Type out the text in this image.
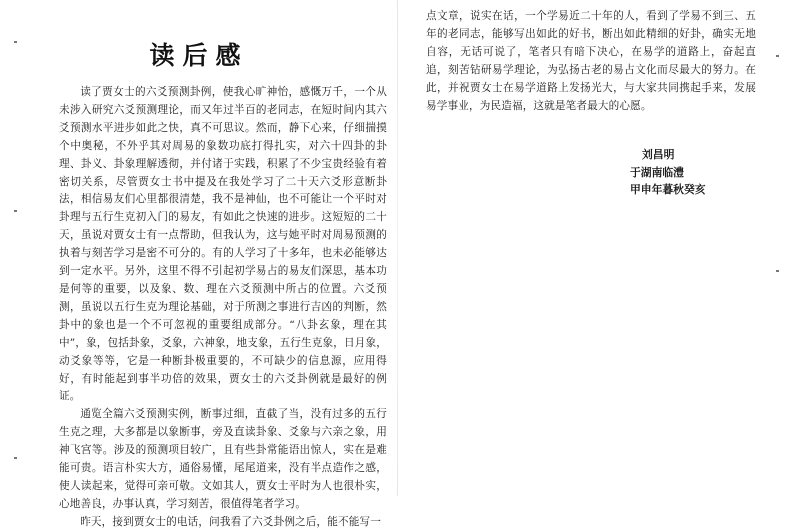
读后感

读了贾女士的六爻预测卦例，使我心旷神怡，感慨万千，一个从未涉入研究六爻预测理论，而又年过半百的老同志，在短时间内其六爻预测水平进步如此之快，真不可思议。然而，静下心来，仔细揣摸个中奥秘，不外乎其对周易的象数功底打得扎实，对六十四卦的卦理、卦义、卦象理解透彻，并付诸于实践，积累了不少宝贵经验有着密切关系，尽管贾女士书中提及在我处学习了二十天六爻形意断卦法，相信易友们心里都很清楚，我不是神仙，也不可能让一个平时对卦理与五行生克初入门的易友，有如此之快速的进步。这短短的二十天，虽说对贾女士有一点帮助，但我认为，这与她平时对周易预测的执着与刻苦学习是密不可分的。有的人学习了十多年，也未必能够达到一定水平。另外，这里不得不引起初学易占的易友们深思，基本功是何等的重要，以及象、数、理在六爻预测中所占的位置。六爻预测，虽说以五行生克为理论基础，对于所测之事进行吉凶的判断，然卦中的象也是一个不可忽视的重要组成部分。“八卦玄象，理在其中”，象，包括卦象，爻象，六神象，地支象，五行生克象，日月象，动爻象等等，它是一种断卦极重要的，不可缺少的信息源，应用得好，有时能起到事半功倍的效果，贾女士的六爻卦例就是最好的例证。

通览全篇六爻预测实例，断事过细，直截了当，没有过多的五行生克之理，大多都是以象断事，旁及直读卦象、爻象与六亲之象，用神飞宫等。涉及的预测项目较广，且有些卦常能语出惊人，实在是难能可贵。语言朴实大方，通俗易懂，尾尾道来，没有半点造作之感，使人读起来，觉得可亲可敬。文如其人，贾女士平时为人也很朴实，心地善良，办事认真，学习刻苦，很值得笔者学习。

昨天，接到贾女士的电话，问我看了六爻卦例之后，能不能写一

点文章，说实在话，一个学易近二十年的人，看到了学易不到三、五年的老同志，能够写出如此的好书，断出如此精细的好卦，确实无地自容，无话可说了，笔者只有暗下决心，在易学的道路上，奋起直追，刻苦钻研易学理论，为弘扬古老的易占文化而尽最大的努力。在此，并祝贾女士在易学道路上发扬光大，与大家共同携起手来，发展易学事业，为民造福，这就是笔者最大的心愿。

刘昌明
于湖南临澧
甲申年暮秋癸亥
